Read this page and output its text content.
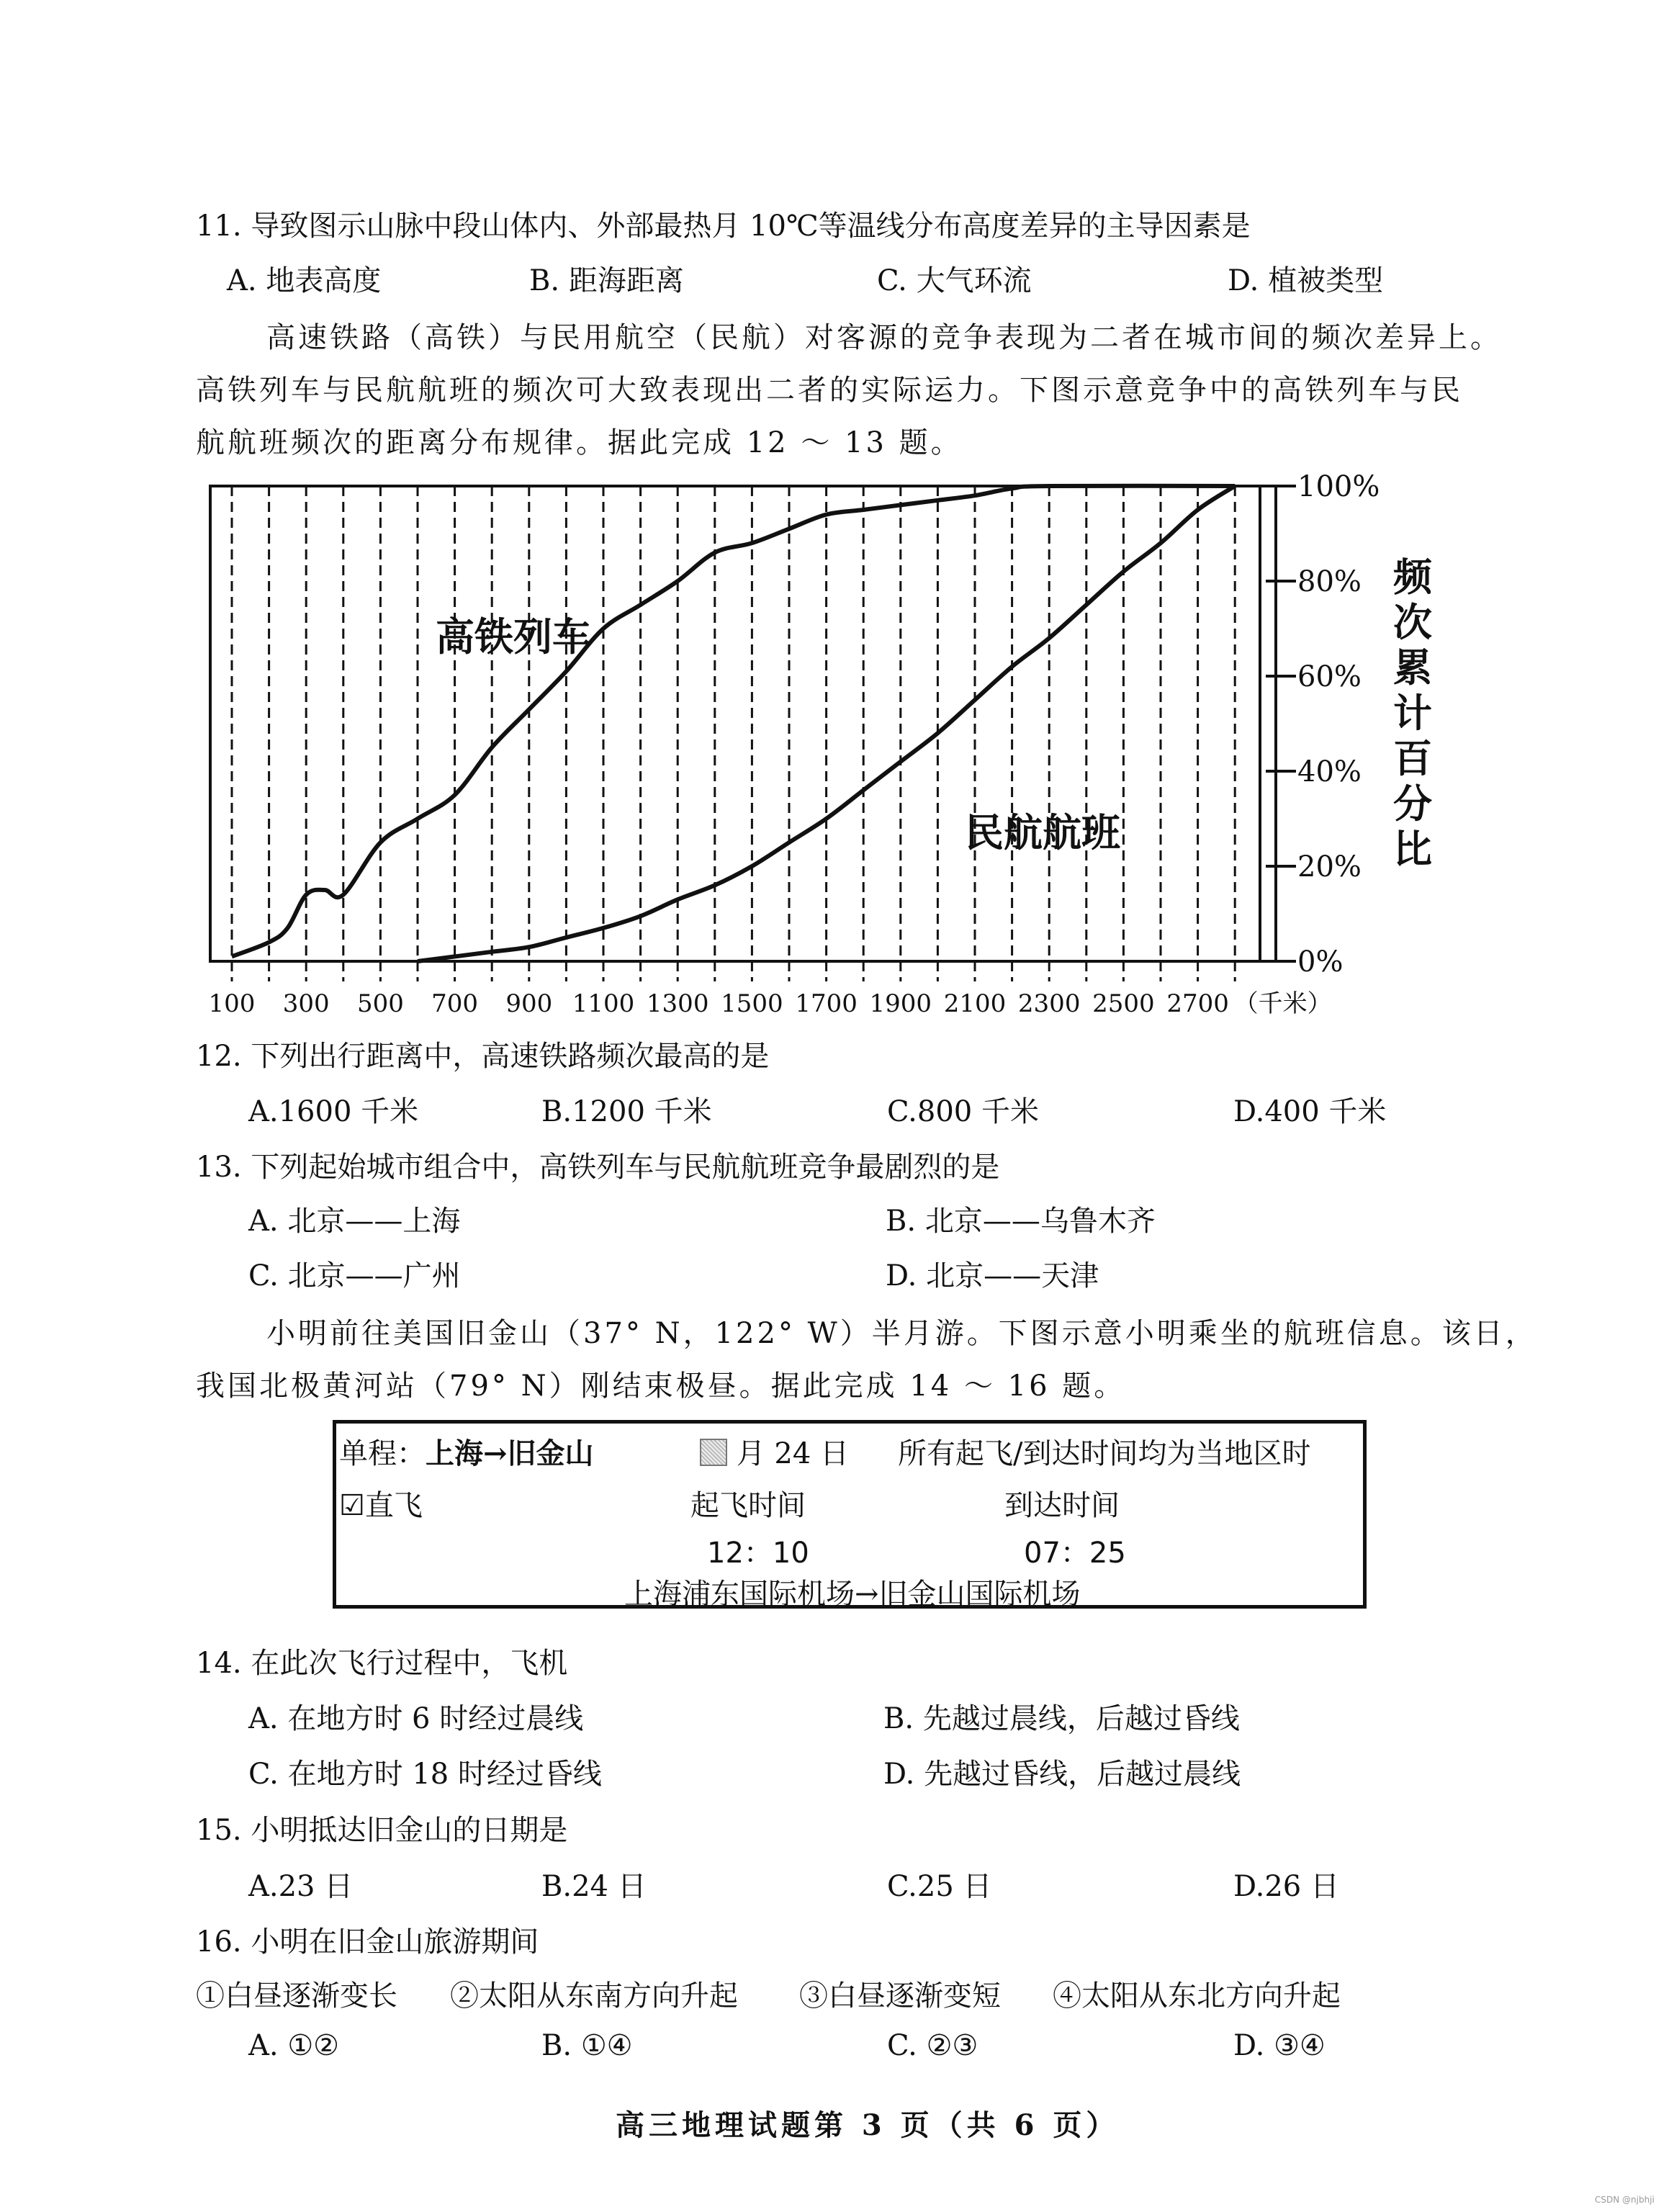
11. 导致图示山脉中段山体内、外部最热月 10℃等温线分布高度差异的主导因素是
A. 地表高度	B. 距海距离	C. 大气环流	D. 植被类型
高速铁路（高铁）与民用航空（民航）对客源的竞争表现为二者在城市间的频次差异上。
高铁列车与民航航班的频次可大致表现出二者的实际运力。下图示意竞争中的高铁列车与民
航航班频次的距离分布规律。据此完成 12 ～ 13 题。
0%
20%
40%
60%
80%
100%
100 300 500 700 900 1100 1300 1500 1700 1900 2100 2300 2500 2700 （千米）
频
次
累
计
百
分
比
高铁列车
民航航班
12. 下列出行距离中，高速铁路频次最高的是
A.1600 千米	B.1200 千米	C.800 千米	D.400 千米
13. 下列起始城市组合中，高铁列车与民航航班竞争最剧烈的是
A. 北京——上海	B. 北京——乌鲁木齐
C. 北京——广州	D. 北京——天津
小明前往美国旧金山（37° N，122° W）半月游。下图示意小明乘坐的航班信息。该日，
我国北极黄河站（79° N）刚结束极昼。据此完成 14 ～ 16 题。
单程：上海→旧金山	月 24 日 所有起飞/到达时间均为当地区时
☑直飞	起飞时间	到达时间
12：10	07：25
上海浦东国际机场→旧金山国际机场
14. 在此次飞行过程中，飞机
A. 在地方时 6 时经过晨线	B. 先越过晨线，后越过昏线
C. 在地方时 18 时经过昏线	D. 先越过昏线，后越过晨线
15. 小明抵达旧金山的日期是
A.23 日	B.24 日	C.25 日	D.26 日
16. 小明在旧金山旅游期间
①白昼逐渐变长 ②太阳从东南方向升起 ③白昼逐渐变短 ④太阳从东北方向升起
A. ①②	B. ①④	C. ②③	D. ③④
高三地理试题第 3 页（共 6 页）
CSDN @njbhji
